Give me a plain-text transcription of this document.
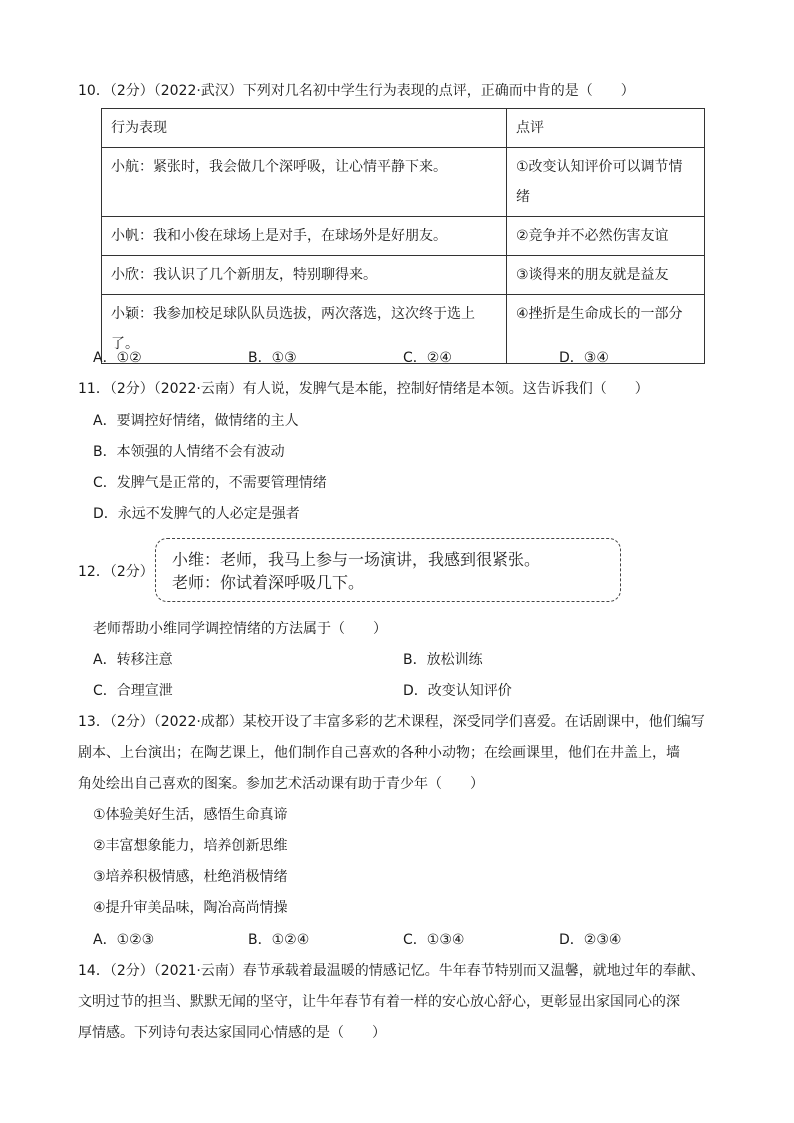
10．（2分）（2022·武汉）下列对几名初中学生行为表现的点评，正确而中肯的是（　　）
行为表现	点评
小航：紧张时，我会做几个深呼吸，让心情平静下来。	①改变认知评价可以调节情绪
小帆：我和小俊在球场上是对手，在球场外是好朋友。	②竞争并不必然伤害友谊
小欣：我认识了几个新朋友，特别聊得来。	③谈得来的朋友就是益友
小颖：我参加校足球队队员选拔，两次落选，这次终于选上了。	④挫折是生命成长的一部分
A．①②	B．①③	C．②④	D．③④
11．（2分）（2022·云南）有人说，发脾气是本能，控制好情绪是本领。这告诉我们（　　）
A．要调控好情绪，做情绪的主人
B．本领强的人情绪不会有波动
C．发脾气是正常的，不需要管理情绪
D．永远不发脾气的人必定是强者
12．（2分）
小维：老师，我马上参与一场演讲，我感到很紧张。
老师：你试着深呼吸几下。
老师帮助小维同学调控情绪的方法属于（　　）
A．转移注意	B．放松训练
C．合理宣泄	D．改变认知评价
13．（2分）（2022·成都）某校开设了丰富多彩的艺术课程，深受同学们喜爱。在话剧课中，他们编写
剧本、上台演出；在陶艺课上，他们制作自己喜欢的各种小动物；在绘画课里，他们在井盖上，墙
角处绘出自己喜欢的图案。参加艺术活动课有助于青少年（　　）
①体验美好生活，感悟生命真谛
②丰富想象能力，培养创新思维
③培养积极情感，杜绝消极情绪
④提升审美品味，陶冶高尚情操
A．①②③	B．①②④	C．①③④	D．②③④
14．（2分）（2021·云南）春节承载着最温暖的情感记忆。牛年春节特别而又温馨，就地过年的奉献、
文明过节的担当、默默无闻的坚守，让牛年春节有着一样的安心放心舒心，更彰显出家国同心的深
厚情感。下列诗句表达家国同心情感的是（　　）
